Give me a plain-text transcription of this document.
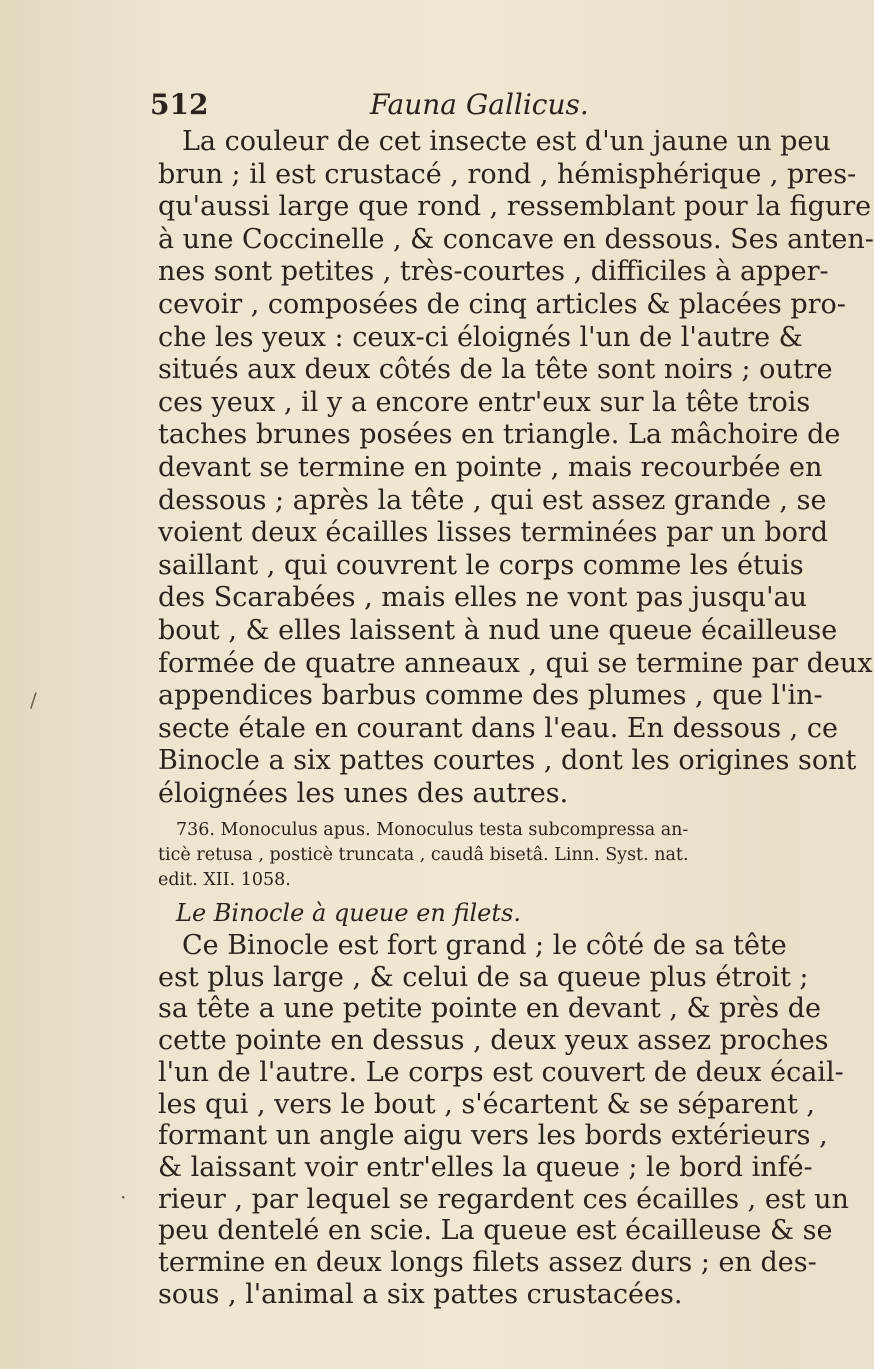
512	Fauna Gallicus.
La couleur de cet insecte est d'un jaune un peu
brun ; il est crustacé , rond , hémisphérique , pres-
qu'aussi large que rond , ressemblant pour la figure
à une Coccinelle , & concave en dessous. Ses anten-
nes sont petites , très-courtes , difficiles à apper-
cevoir , composées de cinq articles & placées pro-
che les yeux : ceux-ci éloignés l'un de l'autre &
situés aux deux côtés de la tête sont noirs ; outre
ces yeux , il y a encore entr'eux sur la tête trois
taches brunes posées en triangle. La mâchoire de
devant se termine en pointe , mais recourbée en
dessous ; après la tête , qui est assez grande , se
voient deux écailles lisses terminées par un bord
saillant , qui couvrent le corps comme les étuis
des Scarabées , mais elles ne vont pas jusqu'au
bout , & elles laissent à nud une queue écailleuse
formée de quatre anneaux , qui se termine par deux
appendices barbus comme des plumes , que l'in-
secte étale en courant dans l'eau. En dessous , ce
Binocle a six pattes courtes , dont les origines sont
éloignées les unes des autres.
736. Monoculus apus. Monoculus testa subcompressa an-
ticè retusa , posticè truncata , caudâ bisetâ. Linn. Syst. nat.
edit. XII. 1058.
Le Binocle à queue en filets.
Ce Binocle est fort grand ; le côté de sa tête
est plus large , & celui de sa queue plus étroit ;
sa tête a une petite pointe en devant , & près de
cette pointe en dessus , deux yeux assez proches
l'un de l'autre. Le corps est couvert de deux écail-
les qui , vers le bout , s'écartent & se séparent ,
formant un angle aigu vers les bords extérieurs ,
& laissant voir entr'elles la queue ; le bord infé-
rieur , par lequel se regardent ces écailles , est un
peu dentelé en scie. La queue est écailleuse & se
termine en deux longs filets assez durs ; en des-
sous , l'animal a six pattes crustacées.
/
·
